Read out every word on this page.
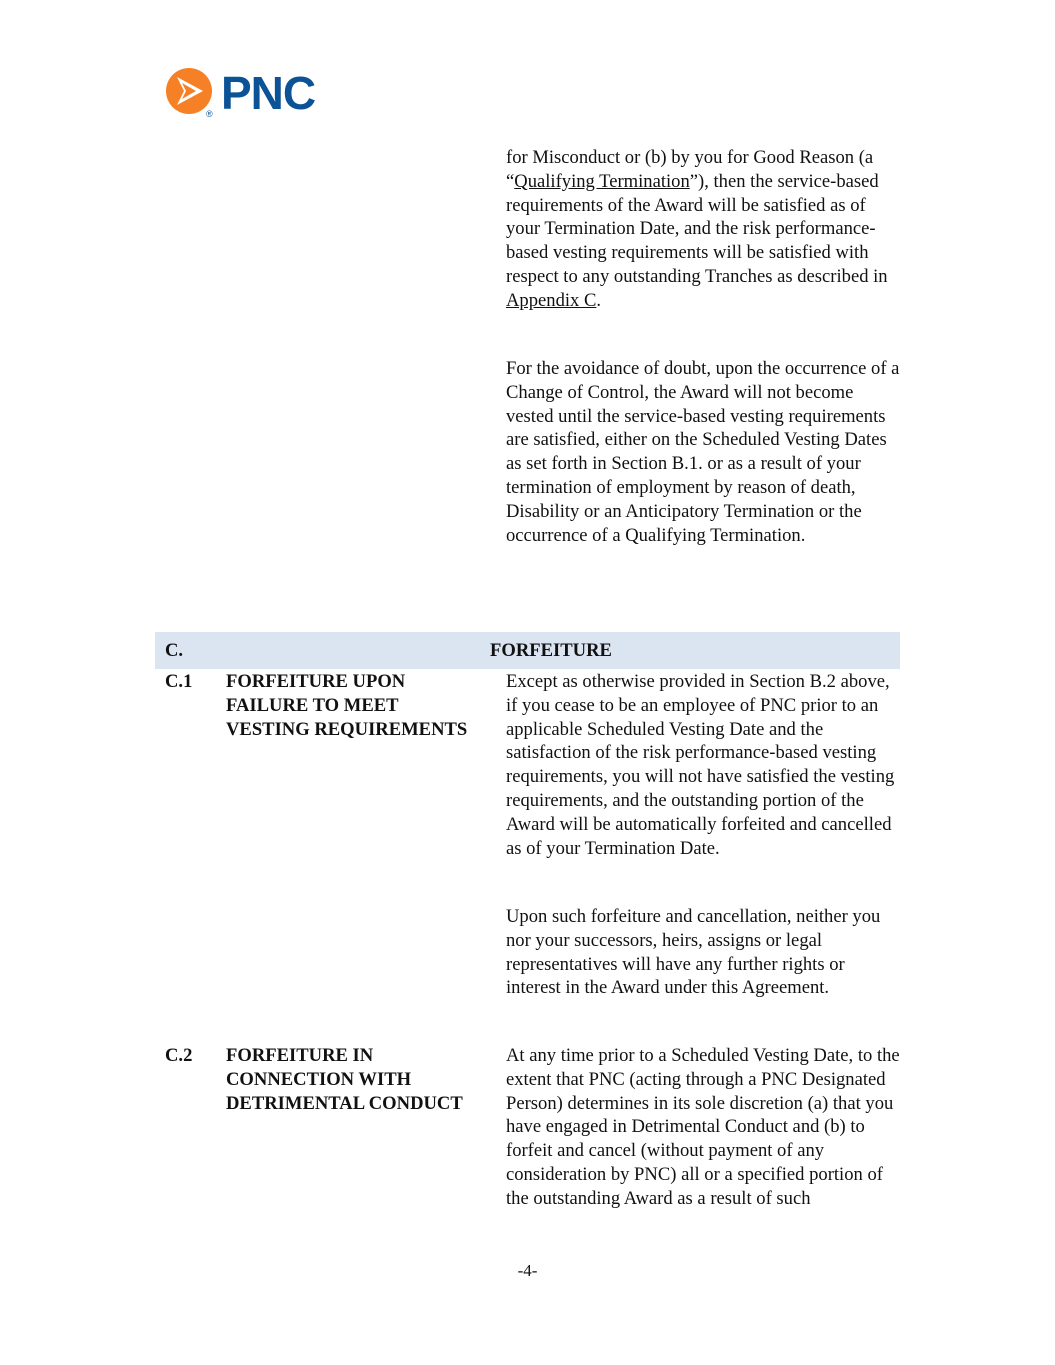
® PNC

for Misconduct or (b) by you for Good Reason (a “Qualifying Termination”), then the service-based requirements of the Award will be satisfied as of your Termination Date, and the risk performance-based vesting requirements will be satisfied with respect to any outstanding Tranches as described in Appendix C.

For the avoidance of doubt, upon the occurrence of a Change of Control, the Award will not become vested until the service-based vesting requirements are satisfied, either on the Scheduled Vesting Dates as set forth in Section B.1. or as a result of your termination of employment by reason of death, Disability or an Anticipatory Termination or the occurrence of a Qualifying Termination.

C.	FORFEITURE
C.1 FORFEITURE UPON FAILURE TO MEET VESTING REQUIREMENTS

Except as otherwise provided in Section B.2 above, if you cease to be an employee of PNC prior to an applicable Scheduled Vesting Date and the satisfaction of the risk performance-based vesting requirements, you will not have satisfied the vesting requirements, and the outstanding portion of the Award will be automatically forfeited and cancelled as of your Termination Date.

Upon such forfeiture and cancellation, neither you nor your successors, heirs, assigns or legal representatives will have any further rights or interest in the Award under this Agreement.

C.2 FORFEITURE IN CONNECTION WITH DETRIMENTAL CONDUCT

At any time prior to a Scheduled Vesting Date, to the extent that PNC (acting through a PNC Designated Person) determines in its sole discretion (a) that you have engaged in Detrimental Conduct and (b) to forfeit and cancel (without payment of any consideration by PNC) all or a specified portion of the outstanding Award as a result of such

-4-
